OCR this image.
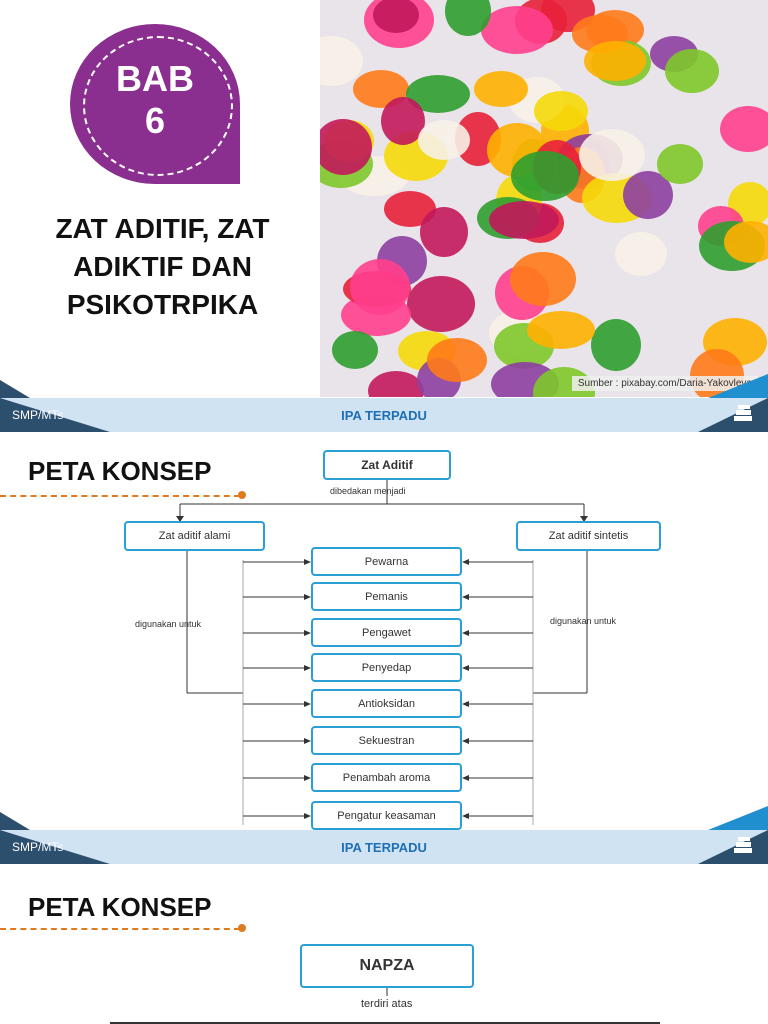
BAB
6
ZAT ADITIF, ZAT
ADIKTIF DAN
PSIKOTRPIKA
Sumber : pixabay.com/Daria-Yakovleva
SMP/MTs	IPA TERPADU
PETA KONSEP	Zat Aditif
dibedakan menjadi
Zat aditif alami	Zat aditif sintetis
digunakan untuk	digunakan untuk
Pewarna
Pemanis
Pengawet
Penyedap
Antioksidan
Sekuestran
Penambah aroma
Pengatur keasaman
SMP/MTs	IPA TERPADU
PETA KONSEP
NAPZA
terdiri atas
